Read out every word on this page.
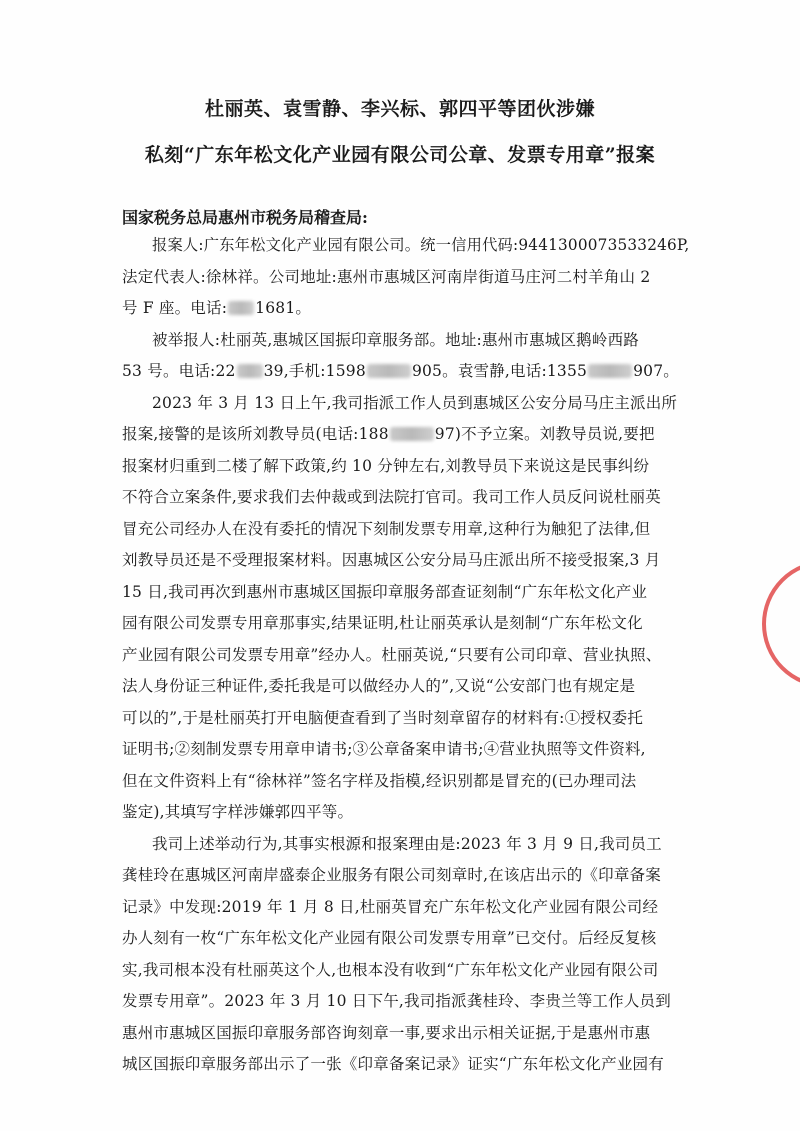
杜丽英、袁雪静、李兴标、郭四平等团伙涉嫌
私刻“广东年松文化产业园有限公司公章、发票专用章”报案
国家税务总局惠州市税务局稽查局:
报案人:广东年松文化产业园有限公司。统一信用代码:9441300073533246P,
法定代表人:徐林祥。公司地址:惠州市惠城区河南岸街道马庄河二村羊角山 2
号 F 座。电话: 1681。
被举报人:杜丽英,惠城区国振印章服务部。地址:惠州市惠城区鹅岭西路
53 号。电话:22 39,手机:1598	905。袁雪静,电话:1355	907。
2023 年 3 月 13 日上午,我司指派工作人员到惠城区公安分局马庄主派出所
报案,接警的是该所刘教导员(电话:188	97)不予立案。刘教导员说,要把
报案材归重到二楼了解下政策,约 10 分钟左右,刘教导员下来说这是民事纠纷
不符合立案条件,要求我们去仲裁或到法院打官司。我司工作人员反问说杜丽英
冒充公司经办人在没有委托的情况下刻制发票专用章,这种行为触犯了法律,但
刘教导员还是不受理报案材料。因惠城区公安分局马庄派出所不接受报案,3 月
15 日,我司再次到惠州市惠城区国振印章服务部查证刻制“广东年松文化产业
园有限公司发票专用章那事实,结果证明,杜让丽英承认是刻制“广东年松文化
产业园有限公司发票专用章”经办人。杜丽英说,“只要有公司印章、营业执照、
法人身份证三种证件,委托我是可以做经办人的”,又说“公安部门也有规定是
可以的”,于是杜丽英打开电脑便查看到了当时刻章留存的材料有:①授权委托
证明书;②刻制发票专用章申请书;③公章备案申请书;④营业执照等文件资料,
但在文件资料上有“徐林祥”签名字样及指模,经识别都是冒充的(已办理司法
鉴定),其填写字样涉嫌郭四平等。
我司上述举动行为,其事实根源和报案理由是:2023 年 3 月 9 日,我司员工
龚桂玲在惠城区河南岸盛泰企业服务有限公司刻章时,在该店出示的《印章备案
记录》中发现:2019 年 1 月 8 日,杜丽英冒充广东年松文化产业园有限公司经
办人刻有一枚“广东年松文化产业园有限公司发票专用章”已交付。后经反复核
实,我司根本没有杜丽英这个人,也根本没有收到“广东年松文化产业园有限公司
发票专用章”。2023 年 3 月 10 日下午,我司指派龚桂玲、李贵兰等工作人员到
惠州市惠城区国振印章服务部咨询刻章一事,要求出示相关证据,于是惠州市惠
城区国振印章服务部出示了一张《印章备案记录》证实“广东年松文化产业园有
